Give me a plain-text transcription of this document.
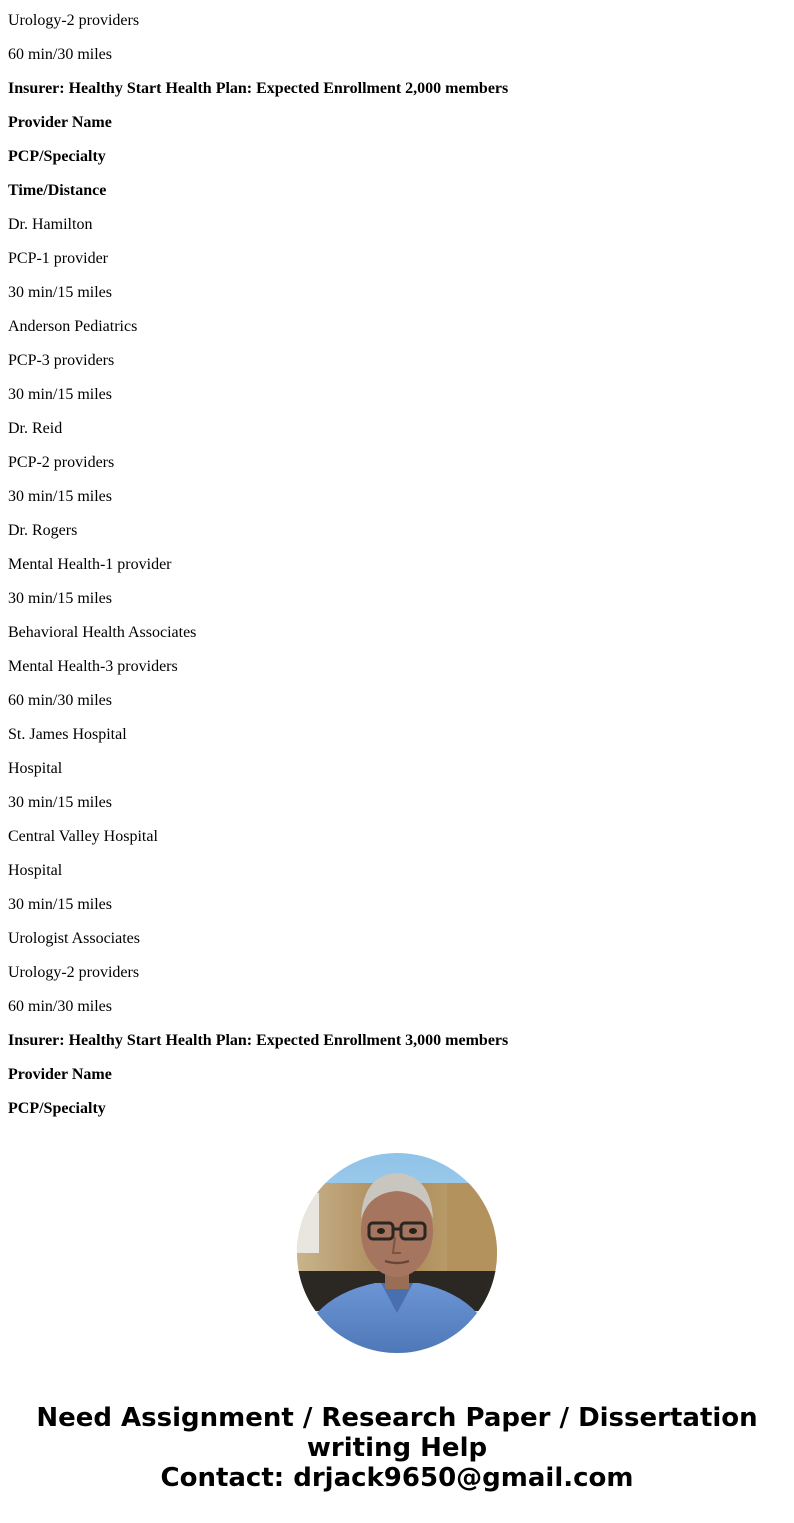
Urology-2 providers
60 min/30 miles
Insurer: Healthy Start Health Plan: Expected Enrollment 2,000 members
Provider Name
PCP/Specialty
Time/Distance
Dr. Hamilton
PCP-1 provider
30 min/15 miles
Anderson Pediatrics
PCP-3 providers
30 min/15 miles
Dr. Reid
PCP-2 providers
30 min/15 miles
Dr. Rogers
Mental Health-1 provider
30 min/15 miles
Behavioral Health Associates
Mental Health-3 providers
60 min/30 miles
St. James Hospital
Hospital
30 min/15 miles
Central Valley Hospital
Hospital
30 min/15 miles
Urologist Associates
Urology-2 providers
60 min/30 miles
Insurer: Healthy Start Health Plan: Expected Enrollment 3,000 members
Provider Name
PCP/Specialty
Need Assignment / Research Paper / Dissertation
writing Help
Contact: drjack9650@gmail.com
